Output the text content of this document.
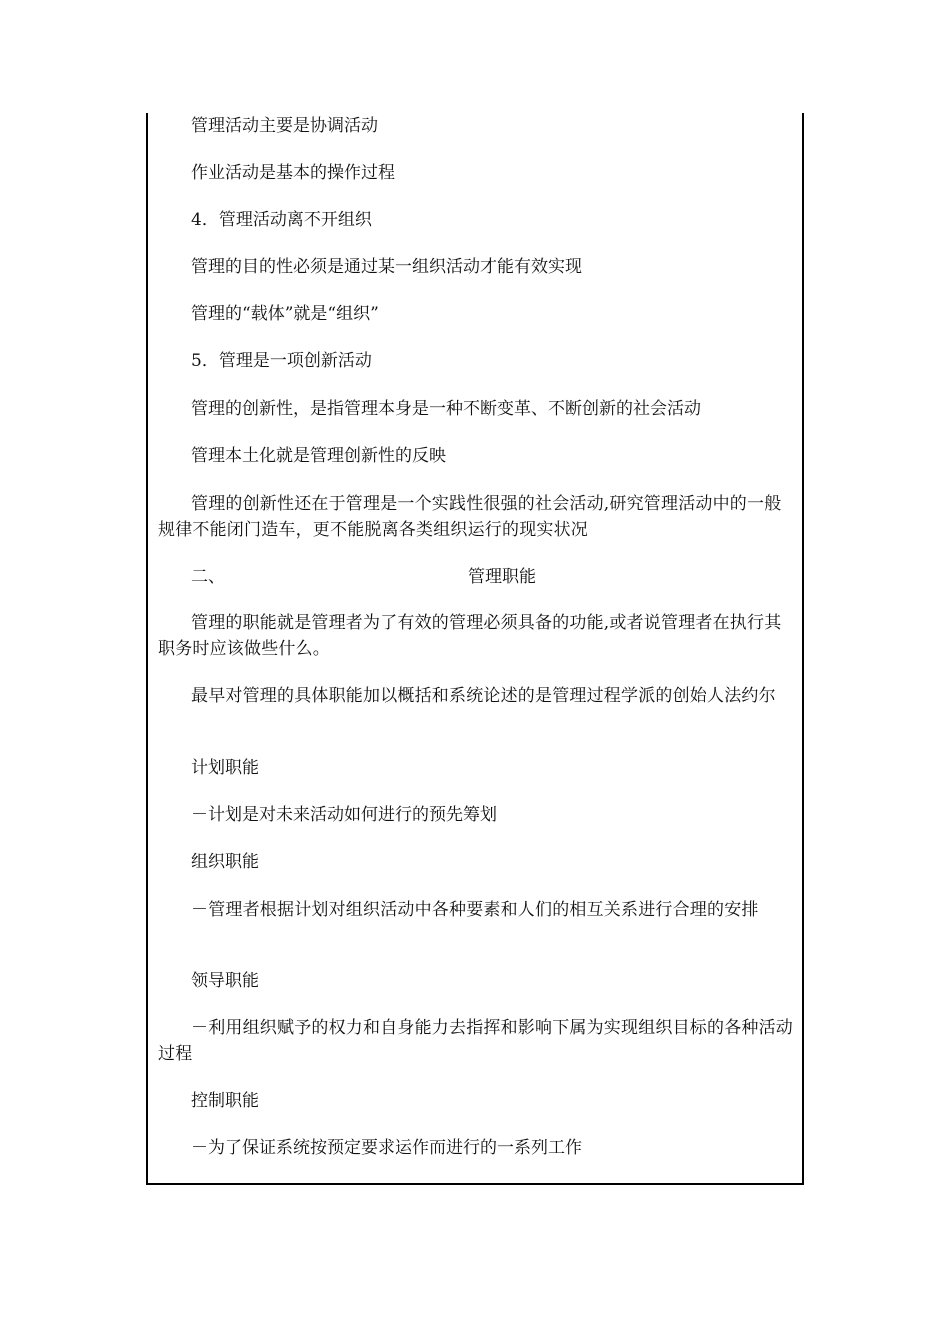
管理活动主要是协调活动
作业活动是基本的操作过程
4．管理活动离不开组织
管理的目的性必须是通过某一组织活动才能有效实现
管理的“载体”就是“组织”
5．管理是一项创新活动
管理的创新性，是指管理本身是一种不断变革、不断创新的社会活动
管理本土化就是管理创新性的反映
管理的创新性还在于管理是一个实践性很强的社会活动,研究管理活动中的一般规律不能闭门造车，更不能脱离各类组织运行的现实状况
二、	管理职能
管理的职能就是管理者为了有效的管理必须具备的功能,或者说管理者在执行其职务时应该做些什么。
最早对管理的具体职能加以概括和系统论述的是管理过程学派的创始人法约尔
计划职能
－计划是对未来活动如何进行的预先筹划
组织职能
－管理者根据计划对组织活动中各种要素和人们的相互关系进行合理的安排
领导职能
－利用组织赋予的权力和自身能力去指挥和影响下属为实现组织目标的各种活动过程
控制职能
－为了保证系统按预定要求运作而进行的一系列工作
